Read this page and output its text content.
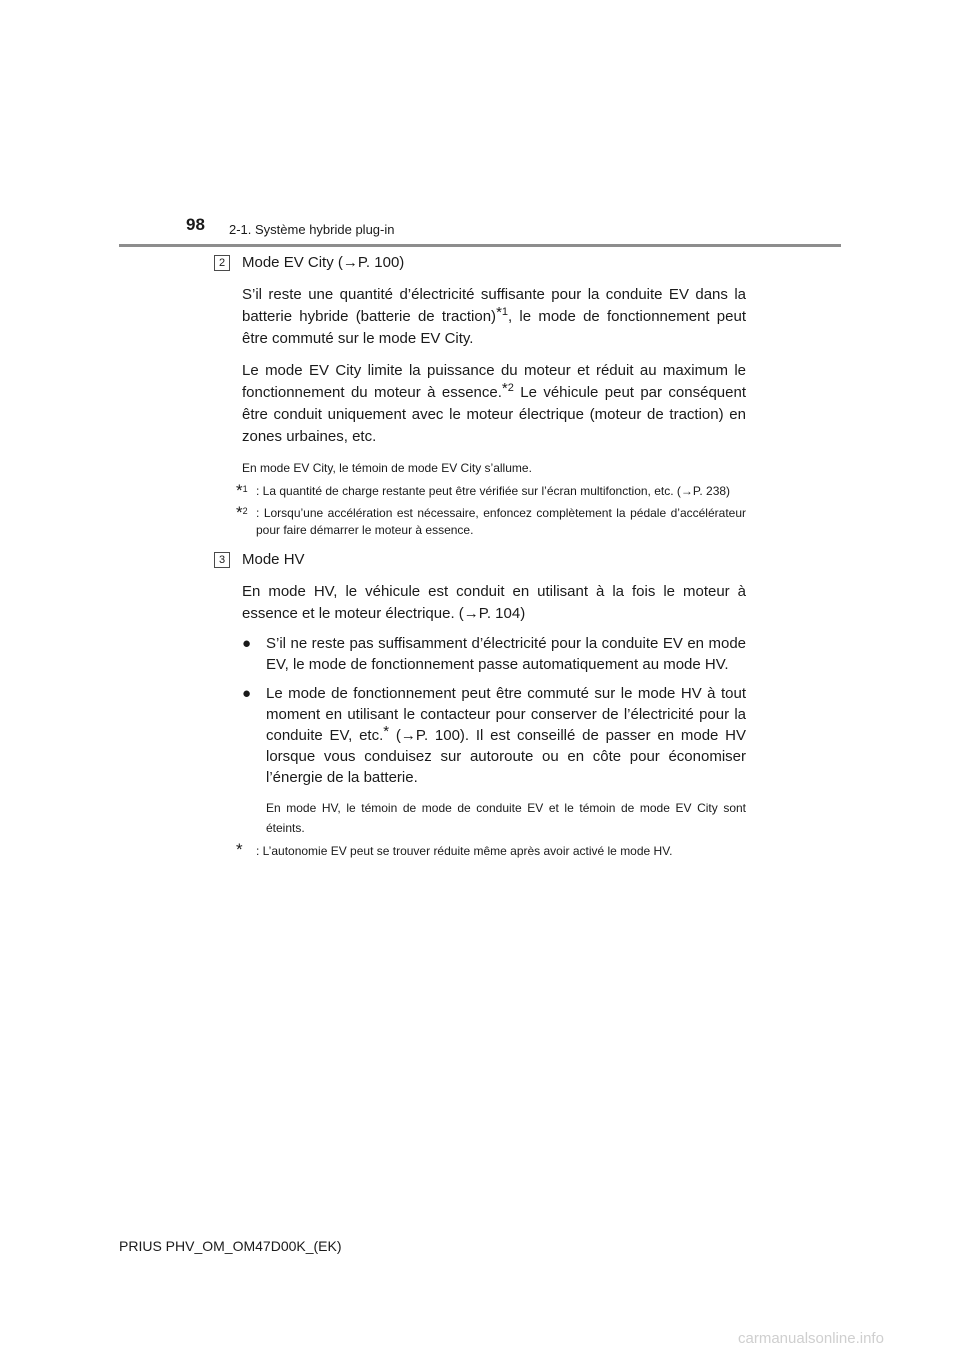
98 2-1. Système hybride plug-in
2	Mode EV City (→P. 100)

S’il reste une quantité d’électricité suffisante pour la conduite EV dans la batterie hybride (batterie de traction)*$^1$, le mode de fonctionnement peut être commuté sur le mode EV City.

Le mode EV City limite la puissance du moteur et réduit au maximum le fonctionnement du moteur à essence.*$^2$ Le véhicule peut par conséquent être conduit uniquement avec le moteur électrique (moteur de traction) en zones urbaines, etc.

En mode EV City, le témoin de mode EV City s’allume.

*$^1$ : La quantité de charge restante peut être vérifiée sur l’écran multifonction, etc. (→P. 238)
*$^2$ : Lorsqu’une accélération est nécessaire, enfoncez complètement la pédale d’accélérateur pour faire démarrer le moteur à essence.
3	Mode HV

En mode HV, le véhicule est conduit en utilisant à la fois le moteur à essence et le moteur électrique. (→P. 104)

● S’il ne reste pas suffisamment d’électricité pour la conduite EV en mode EV, le mode de fonctionnement passe automatiquement au mode HV.
● Le mode de fonctionnement peut être commuté sur le mode HV à tout moment en utilisant le contacteur pour conserver de l’électricité pour la conduite EV, etc.* (→P. 100). Il est conseillé de passer en mode HV lorsque vous conduisez sur autoroute ou en côte pour économiser l’énergie de la batterie.

En mode HV, le témoin de mode de conduite EV et le témoin de mode EV City sont éteints.

* : L’autonomie EV peut se trouver réduite même après avoir activé le mode HV.
PRIUS PHV_OM_OM47D00K_(EK)
carmanualsonline.info
